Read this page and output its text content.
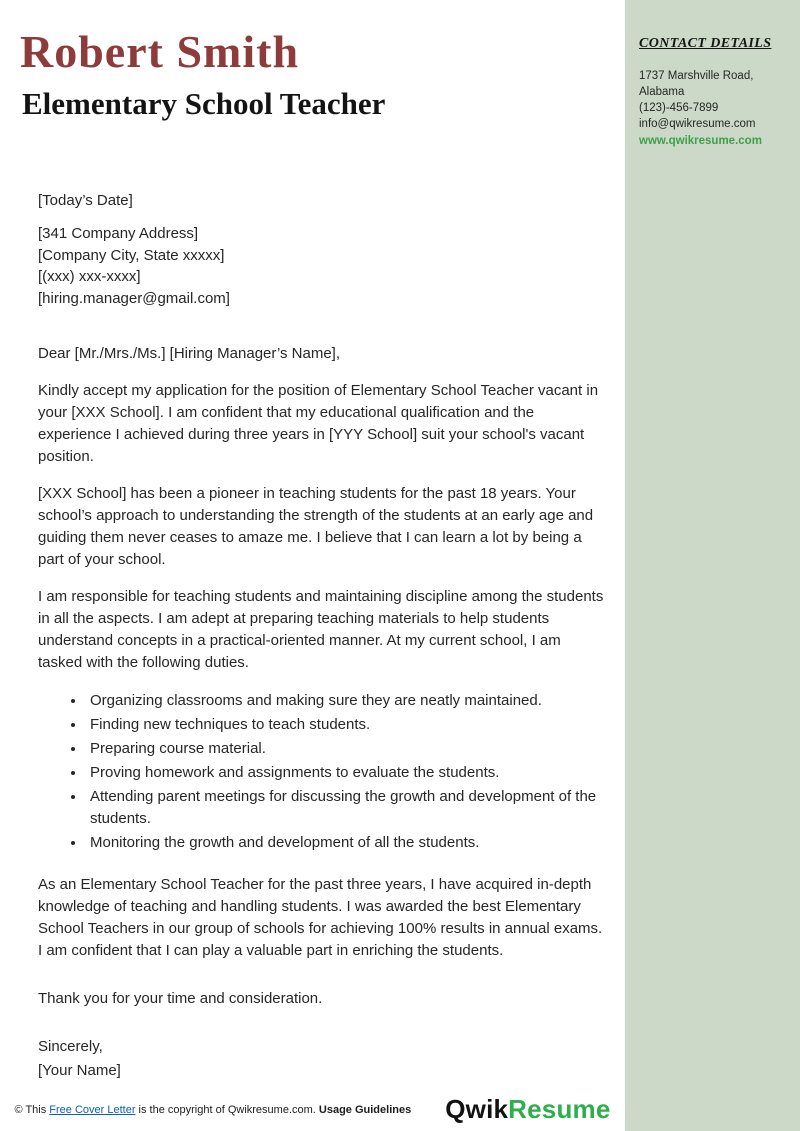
Robert Smith
Elementary School Teacher
[Today’s Date]
[341 Company Address]
[Company City, State xxxxx]
[(xxx) xxx-xxxx]
[hiring.manager@gmail.com]
Dear [Mr./Mrs./Ms.] [Hiring Manager’s Name],

Kindly accept my application for the position of Elementary School Teacher vacant in your [XXX School]. I am confident that my educational qualification and the experience I achieved during three years in [YYY School] suit your school's vacant position.

[XXX School] has been a pioneer in teaching students for the past 18 years. Your school’s approach to understanding the strength of the students at an early age and guiding them never ceases to amaze me. I believe that I can learn a lot by being a part of your school.

I am responsible for teaching students and maintaining discipline among the students in all the aspects. I am adept at preparing teaching materials to help students understand concepts in a practical-oriented manner. At my current school, I am tasked with the following duties.

• Organizing classrooms and making sure they are neatly maintained.
• Finding new techniques to teach students.
• Preparing course material.
• Proving homework and assignments to evaluate the students.
• Attending parent meetings for discussing the growth and development of the students.
• Monitoring the growth and development of all the students.

As an Elementary School Teacher for the past three years, I have acquired in-depth knowledge of teaching and handling students. I was awarded the best Elementary School Teachers in our group of schools for achieving 100% results in annual exams. I am confident that I can play a valuable part in enriching the students.

Thank you for your time and consideration.
Sincerely,
[Your Name]
© This Free Cover Letter is the copyright of Qwikresume.com. Usage Guidelines QwikResume
CONTACT DETAILS
1737 Marshville Road,
Alabama
(123)-456-7899
info@qwikresume.com
www.qwikresume.com
